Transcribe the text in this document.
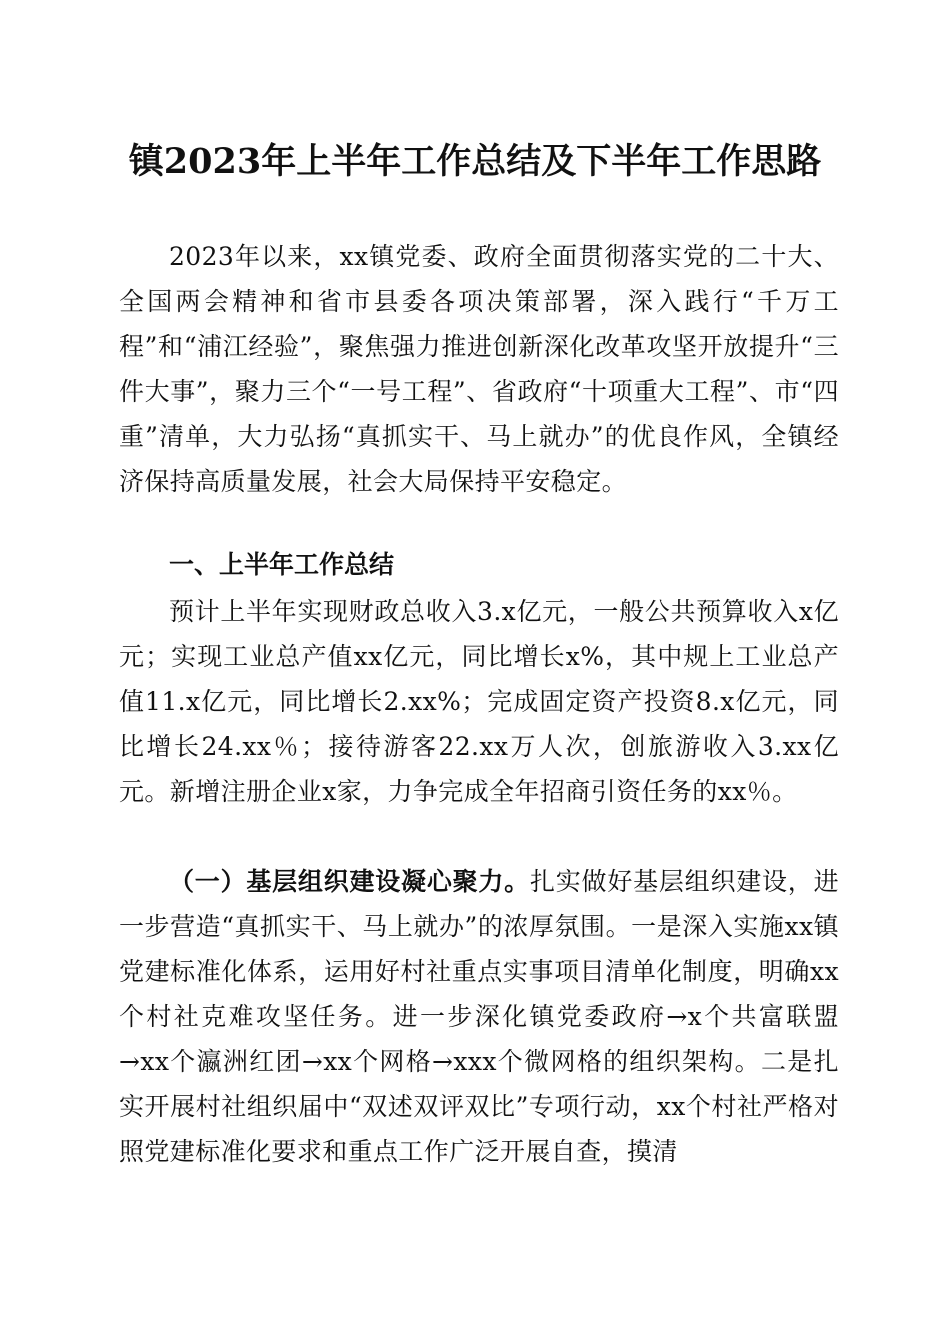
镇2023年上半年工作总结及下半年工作思路

2023年以来，xx镇党委、政府全面贯彻落实党的二十大、全国两会精神和省市县委各项决策部署，深入践行“千万工程”和“浦江经验”，聚焦强力推进创新深化改革攻坚开放提升“三件大事”，聚力三个“一号工程”、省政府“十项重大工程”、市“四重”清单，大力弘扬“真抓实干、马上就办”的优良作风，全镇经济保持高质量发展，社会大局保持平安稳定。

一、上半年工作总结

预计上半年实现财政总收入3.x亿元，一般公共预算收入x亿元；实现工业总产值xx亿元，同比增长x%，其中规上工业总产值11.x亿元，同比增长2.xx%；完成固定资产投资8.x亿元，同比增长24.xx％；接待游客22.xx万人次，创旅游收入3.xx亿元。新增注册企业x家，力争完成全年招商引资任务的xx％。

（一）基层组织建设凝心聚力。扎实做好基层组织建设，进一步营造“真抓实干、马上就办”的浓厚氛围。一是深入实施xx镇党建标准化体系，运用好村社重点实事项目清单化制度，明确xx个村社克难攻坚任务。进一步深化镇党委政府→x个共富联盟→xx个瀛洲红团→xx个网格→xxx个微网格的组织架构。二是扎实开展村社组织届中“双述双评双比”专项行动，xx个村社严格对照党建标准化要求和重点工作广泛开展自查，摸清
